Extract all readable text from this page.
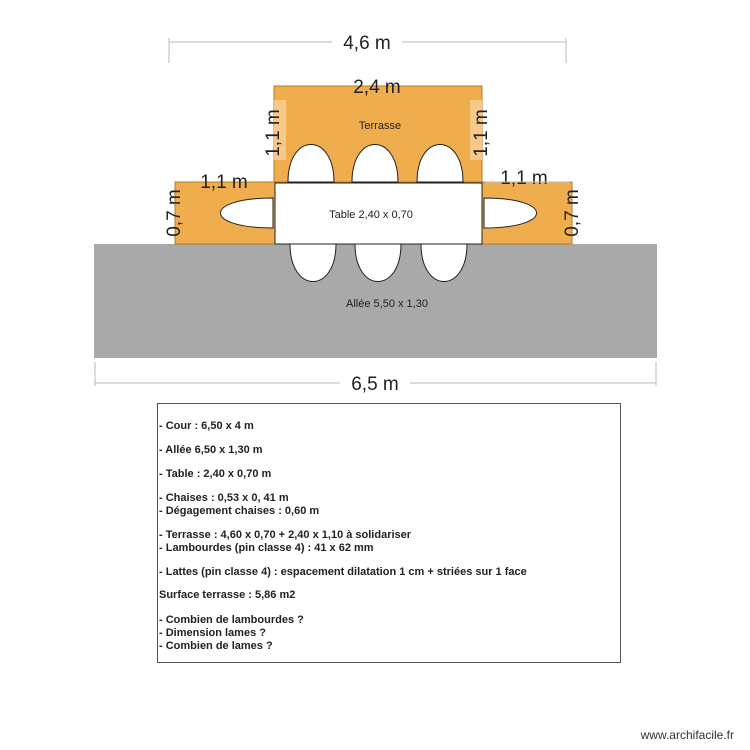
4,6 m
2,4 m
1,1 m	1,1 m
1,1 m	1,1 m
0,7 m	0,7 m
Terrasse
Table 2,40 x 0,70
Allée 5,50 x 1,30
6,5 m
- Cour : 6,50 x 4 m
- Allée 6,50 x 1,30 m
- Table : 2,40 x 0,70 m
- Chaises : 0,53 x 0, 41 m
- Dégagement chaises : 0,60 m
- Terrasse : 4,60 x 0,70 + 2,40 x 1,10 à solidariser
- Lambourdes (pin classe 4) : 41 x 62 mm
- Lattes (pin classe 4) : espacement dilatation 1 cm + striées sur 1 face
Surface terrasse : 5,86 m2
- Combien de lambourdes ?
- Dimension lames ?
- Combien de lames ?
www.archifacile.fr
